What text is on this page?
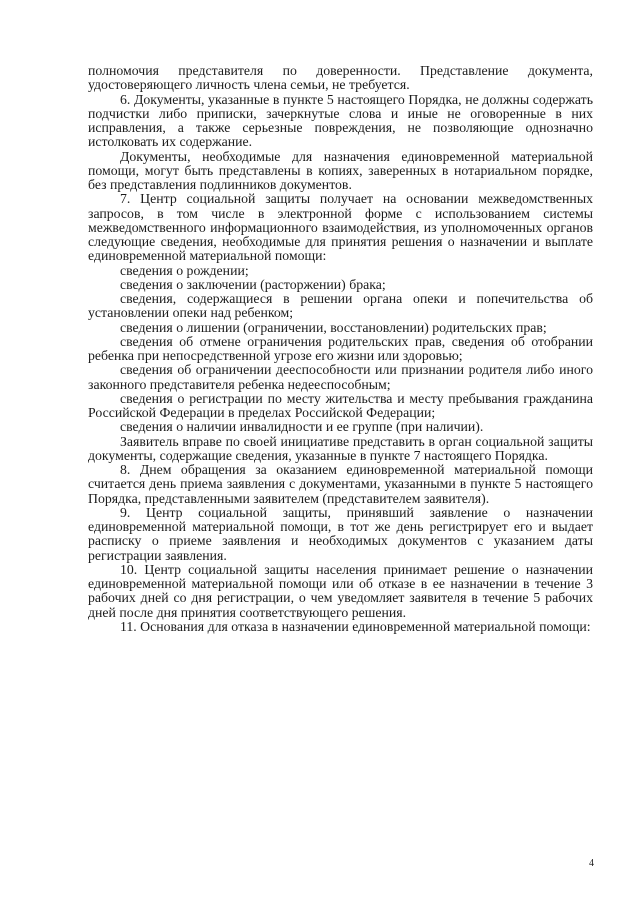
полномочия представителя по доверенности. Представление документа, удостоверяющего личность члена семьи, не требуется.

6. Документы, указанные в пункте 5 настоящего Порядка, не должны содержать подчистки либо приписки, зачеркнутые слова и иные не оговоренные в них исправления, а также серьезные повреждения, не позволяющие однозначно истолковать их содержание.

Документы, необходимые для назначения единовременной материальной помощи, могут быть представлены в копиях, заверенных в нотариальном порядке, без представления подлинников документов.

7. Центр социальной защиты получает на основании межведомственных запросов, в том числе в электронной форме с использованием системы межведомственного информационного взаимодействия, из уполномоченных органов следующие сведения, необходимые для принятия решения о назначении и выплате единовременной материальной помощи:

сведения о рождении;

сведения о заключении (расторжении) брака;

сведения, содержащиеся в решении органа опеки и попечительства об установлении опеки над ребенком;

сведения о лишении (ограничении, восстановлении) родительских прав;

сведения об отмене ограничения родительских прав, сведения об отобрании ребенка при непосредственной угрозе его жизни или здоровью;

сведения об ограничении дееспособности или признании родителя либо иного законного представителя ребенка недееспособным;

сведения о регистрации по месту жительства и месту пребывания гражданина Российской Федерации в пределах Российской Федерации;

сведения о наличии инвалидности и ее группе (при наличии).

Заявитель вправе по своей инициативе представить в орган социальной защиты документы, содержащие сведения, указанные в пункте 7 настоящего Порядка.

8. Днем обращения за оказанием единовременной материальной помощи считается день приема заявления с документами, указанными в пункте 5 настоящего Порядка, представленными заявителем (представителем заявителя).

9. Центр социальной защиты, принявший заявление о назначении единовременной материальной помощи, в тот же день регистрирует его и выдает расписку о приеме заявления и необходимых документов с указанием даты регистрации заявления.

10. Центр социальной защиты населения принимает решение о назначении единовременной материальной помощи или об отказе в ее назначении в течение 3 рабочих дней со дня регистрации, о чем уведомляет заявителя в течение 5 рабочих дней после дня принятия соответствующего решения.

11. Основания для отказа в назначении единовременной материальной помощи:

4
